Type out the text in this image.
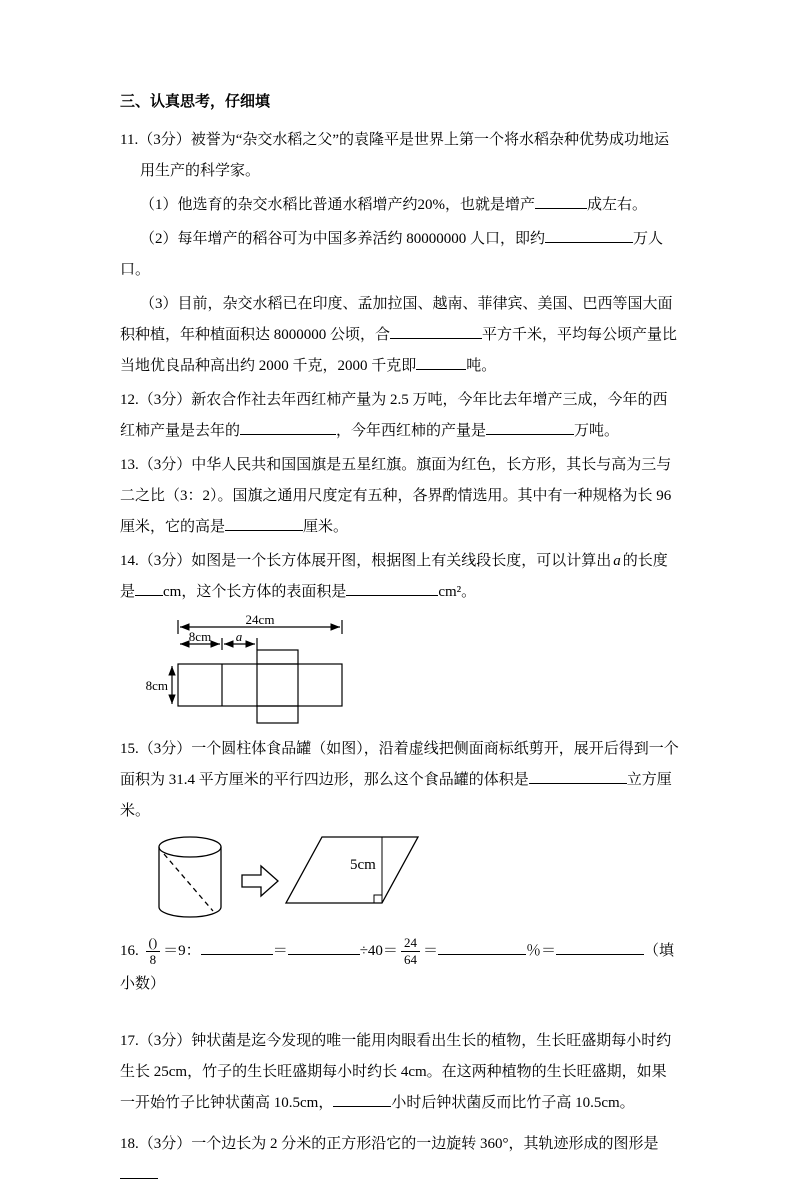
三、认真思考，仔细填

11.（3分）被誉为“杂交水稻之父”的袁隆平是世界上第一个将水稻杂种优势成功地运用生产的科学家。

（1）他选育的杂交水稻比普通水稻增产约20%，也就是增产	成左右。

（2）每年增产的稻谷可为中国多养活约 80000000 人口，即约	万人口。

（3）目前，杂交水稻已在印度、孟加拉国、越南、菲律宾、美国、巴西等国大面积种植，年种植面积达 8000000 公顷，合	平方千米，平均每公顷产量比当地优良品种高出约 2000 千克，2000 千克即	吨。

12.（3分）新农合作社去年西红柿产量为 2.5 万吨，今年比去年增产三成，今年的西红柿产量是去年的	，今年西红柿的产量是	万吨。

13.（3分）中华人民共和国国旗是五星红旗。旗面为红色，长方形，其长与高为三与二之比（3：2）。国旗之通用尺度定有五种，各界酌情选用。其中有一种规格为长 96 厘米，它的高是	厘米。

14.（3分）如图是一个长方体展开图，根据图上有关线段长度，可以计算出 a 的长度是 cm，这个长方体的表面积是	cm²。

24cm
8cm a
8cm

15.（3分）一个圆柱体食品罐（如图），沿着虚线把侧面商标纸剪开，展开后得到一个面积为 31.4 平方厘米的平行四边形，那么这个食品罐的体积是	立方厘米。

5cm

16. $\frac{()}{8} =9$：	＝	$\div 40= \frac{24}{64}$ ＝	％＝	（填小数）

17.（3分）钟状菌是迄今发现的唯一能用肉眼看出生长的植物，生长旺盛期每小时约生长 25cm，竹子的生长旺盛期每小时约长 4cm。在这两种植物的生长旺盛期，如果一开始竹子比钟状菌高 10.5cm，	小时后钟状菌反而比竹子高 10.5cm。

18.（3分）一个边长为 2 分米的正方形沿它的一边旋转 360°，其轨迹形成的图形是
